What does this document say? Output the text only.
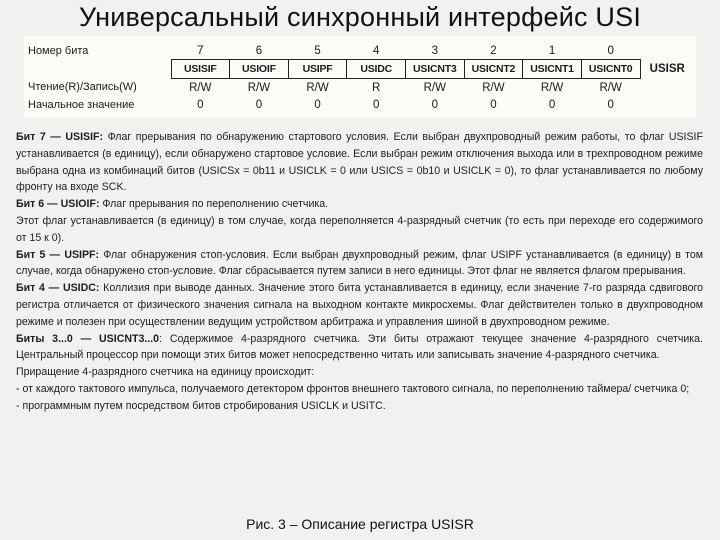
Универсальный синхронный интерфейс USI
Номер бита	7	6	5	4	3	2	1	0	
	USISIF	USIOIF	USIPF	USIDC	USICNT3	USICNT2	USICNT1	USICNT0	USISR
Чтение(R)/Запись(W)	R/W	R/W	R/W	R	R/W	R/W	R/W	R/W	
Начальное значение	0	0	0	0	0	0	0	0	

Бит 7 — USISIF: Флаг прерывания по обнаружению стартового условия. Если выбран двухпроводный режим работы, то флаг USISIF устанавливается (в единицу), если обнаружено стартовое условие. Если выбран режим отключения выхода или в трехпроводном режиме выбрана одна из комбинаций битов (USICSx = 0b11 и USICLK = 0 или USICS = 0b10 и USICLK = 0), то флаг устанавливается по любому фронту на входе SCK.

Бит 6 — USIOIF: Флаг прерывания по переполнению счетчика.

Этот флаг устанавливается (в единицу) в том случае, когда переполняется 4-разрядный счетчик (то есть при переходе его содержимого от 15 к 0).

Бит 5 — USIPF: Флаг обнаружения стоп-условия. Если выбран двухпроводный режим, флаг USIPF устанавливается (в единицу) в том случае, когда обнаружено стоп-условие. Флаг сбрасывается путем записи в него единицы. Этот флаг не является флагом прерывания.

Бит 4 — USIDC: Коллизия при выводе данных. Значение этого бита устанавливается в единицу, если значение 7-го разряда сдвигового регистра отличается от физического значения сигнала на выходном контакте микросхемы. Флаг действителен только в двухпроводном режиме и полезен при осуществлении ведущим устройством арбитража и управления шиной в двухпроводном режиме.

Биты 3...0 — USICNT3...0: Содержимое 4-разрядного счетчика. Эти биты отражают текущее значение 4-разрядного счетчика. Центральный процессор при помощи этих битов может непосредственно читать или записывать значение 4-разрядного счетчика.

Приращение 4-разрядного счетчика на единицу происходит:

- от каждого тактового импульса, получаемого детектором фронтов внешнего тактового сигнала, по переполнению таймера/ счетчика 0;

- программным путем посредством битов стробирования USICLK и USITC.

Рис. 3 – Описание регистра USISR
